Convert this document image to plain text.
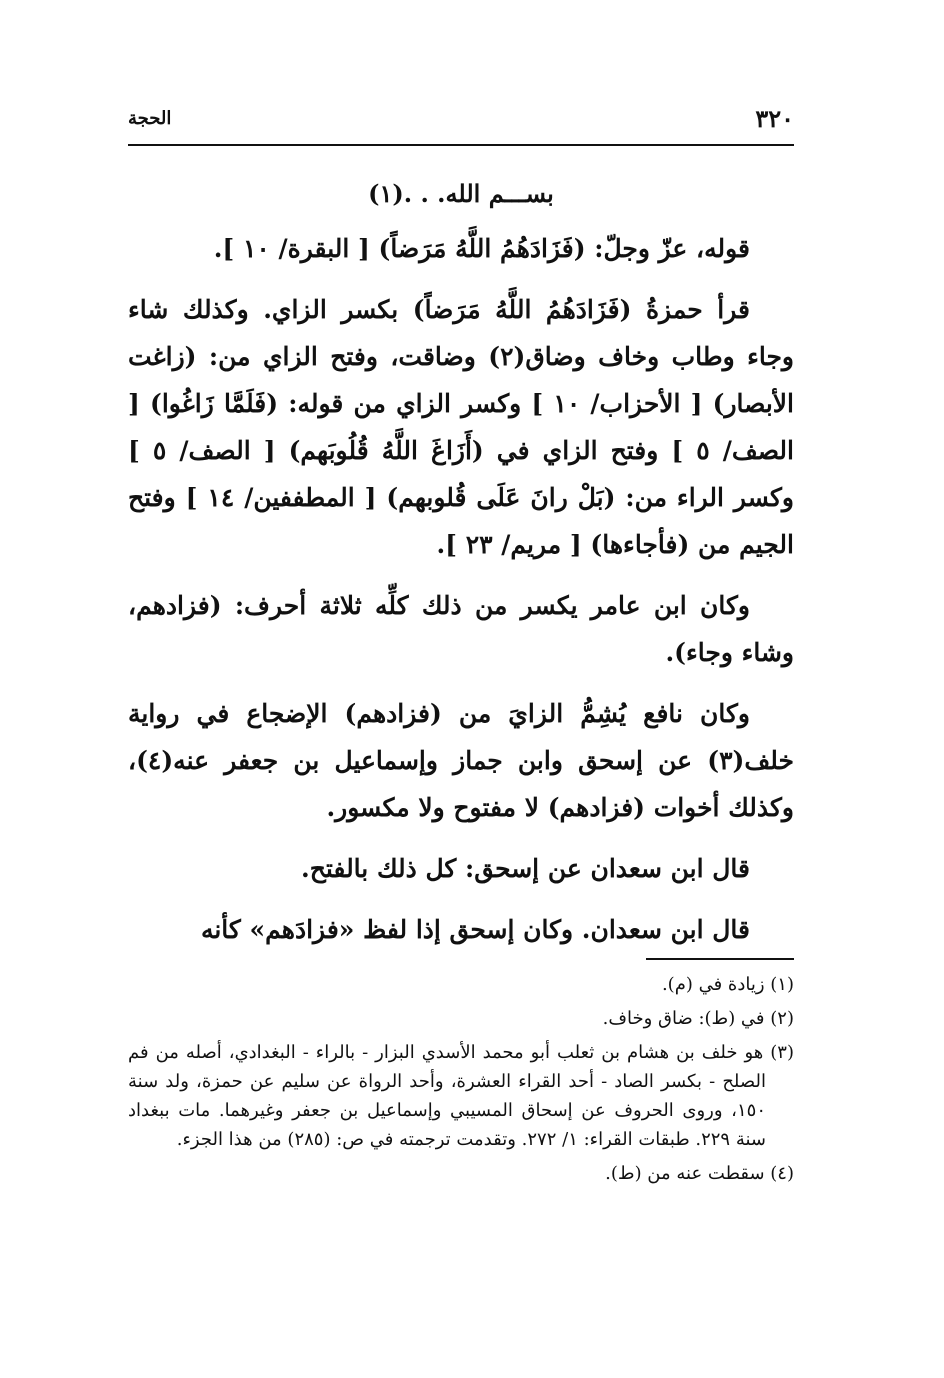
٣٢٠
الحجة

بســـم الله. . .(١)

قوله، عزّ وجلّ: (فَزَادَهُمُ اللَّهُ مَرَضاً) [ البقرة/ ١٠ ].

قرأ حمزةُ (فَزَادَهُمُ اللَّهُ مَرَضاً) بكسر الزاي. وكذلك شاء وجاء وطاب وخاف وضاق(٢) وضاقت، وفتح الزاي من: (زاغت الأبصار) [ الأحزاب/ ١٠ ] وكسر الزاي من قوله: (فَلَمَّا زَاغُوا) [ الصف/ ٥ ] وفتح الزاي في (أَزَاغَ اللَّهُ قُلُوبَهم) [ الصف/ ٥ ] وكسر الراء من: (بَلْ رانَ عَلَى قُلوبهم) [ المطففين/ ١٤ ] وفتح الجيم من (فأجاءها) [ مريم/ ٢٣ ].

وكان ابن عامر يكسر من ذلك كلِّه ثلاثة أحرف: (فزادهم، وشاء وجاء).

وكان نافع يُشِمُّ الزايَ من (فزادهم) الإضجاع في رواية خلف(٣) عن إسحق وابن جماز وإسماعيل بن جعفر عنه(٤)، وكذلك أخوات (فزادهم) لا مفتوح ولا مكسور.

قال ابن سعدان عن إسحق: كل ذلك بالفتح.

قال ابن سعدان. وكان إسحق إذا لفظ «فزادَهم» كأنه

(١) زيادة في (م).

(٢) في (ط): ضاق وخاف.

(٣) هو خلف بن هشام بن ثعلب أبو محمد الأسدي البزار - بالراء - البغدادي، أصله من فم الصلح - بكسر الصاد - أحد القراء العشرة، وأحد الرواة عن سليم عن حمزة، ولد سنة ١٥٠، وروى الحروف عن إسحاق المسيبي وإسماعيل بن جعفر وغيرهما. مات ببغداد سنة ٢٢٩. طبقات القراء: ١/ ٢٧٢. وتقدمت ترجمته في ص: (٢٨٥) من هذا الجزء.

(٤) سقطت عنه من (ط).
